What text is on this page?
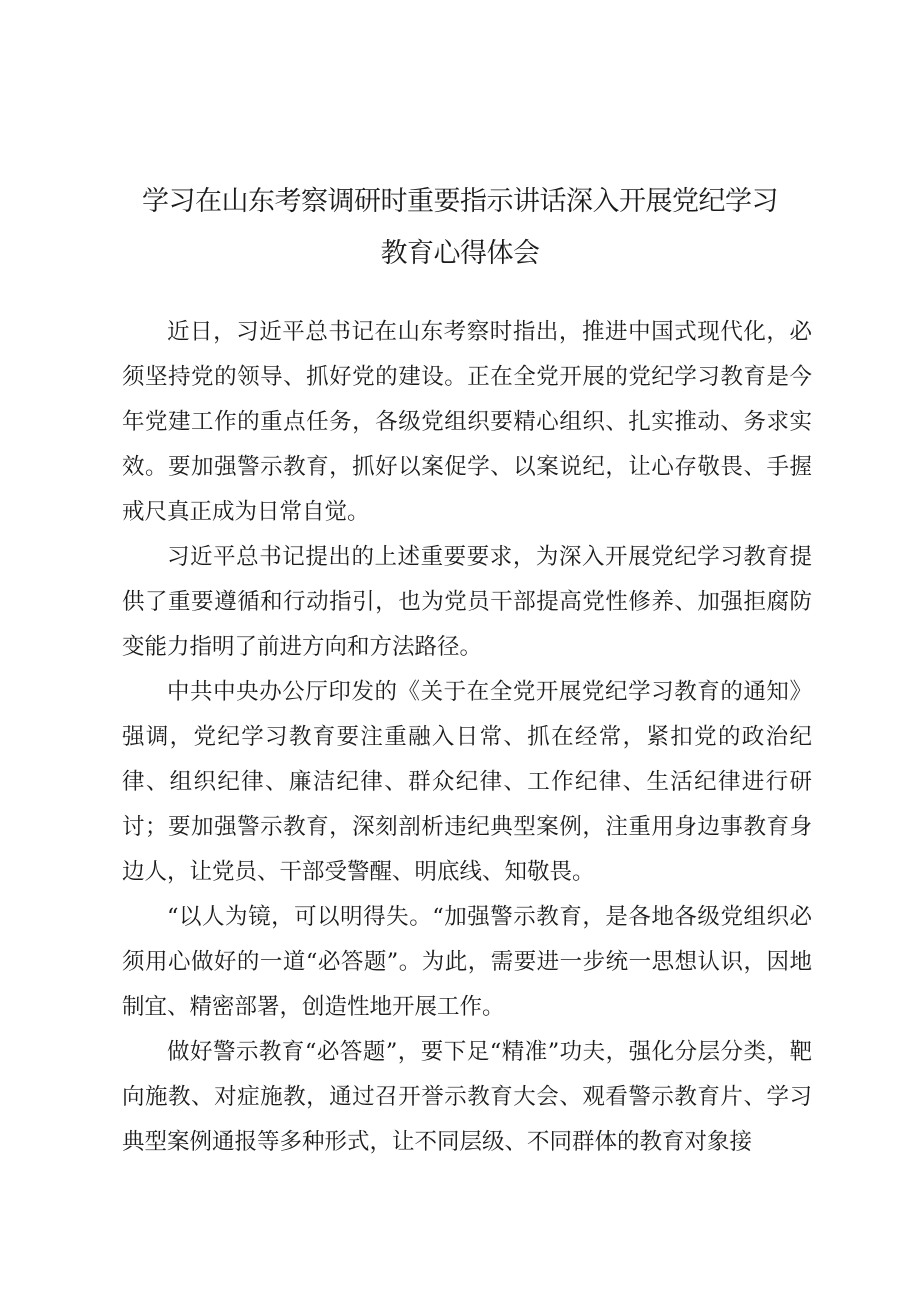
学习在山东考察调研时重要指示讲话深入开展党纪学习
教育心得体会

近日，习近平总书记在山东考察时指出，推进中国式现代化，必须坚持党的领导、抓好党的建设。正在全党开展的党纪学习教育是今年党建工作的重点任务，各级党组织要精心组织、扎实推动、务求实效。要加强警示教育，抓好以案促学、以案说纪，让心存敬畏、手握戒尺真正成为日常自觉。

习近平总书记提出的上述重要要求，为深入开展党纪学习教育提供了重要遵循和行动指引，也为党员干部提高党性修养、加强拒腐防变能力指明了前进方向和方法路径。

中共中央办公厅印发的《关于在全党开展党纪学习教育的通知》强调，党纪学习教育要注重融入日常、抓在经常，紧扣党的政治纪律、组织纪律、廉洁纪律、群众纪律、工作纪律、生活纪律进行研讨；要加强警示教育，深刻剖析违纪典型案例，注重用身边事教育身边人，让党员、干部受警醒、明底线、知敬畏。

“以人为镜，可以明得失。“加强警示教育，是各地各级党组织必须用心做好的一道“必答题”。为此，需要进一步统一思想认识，因地制宜、精密部署，创造性地开展工作。

做好警示教育“必答题”，要下足“精准”功夫，强化分层分类，靶向施教、对症施教，通过召开誉示教育大会、观看警示教育片、学习典型案例通报等多种形式，让不同层级、不同群体的教育对象接
